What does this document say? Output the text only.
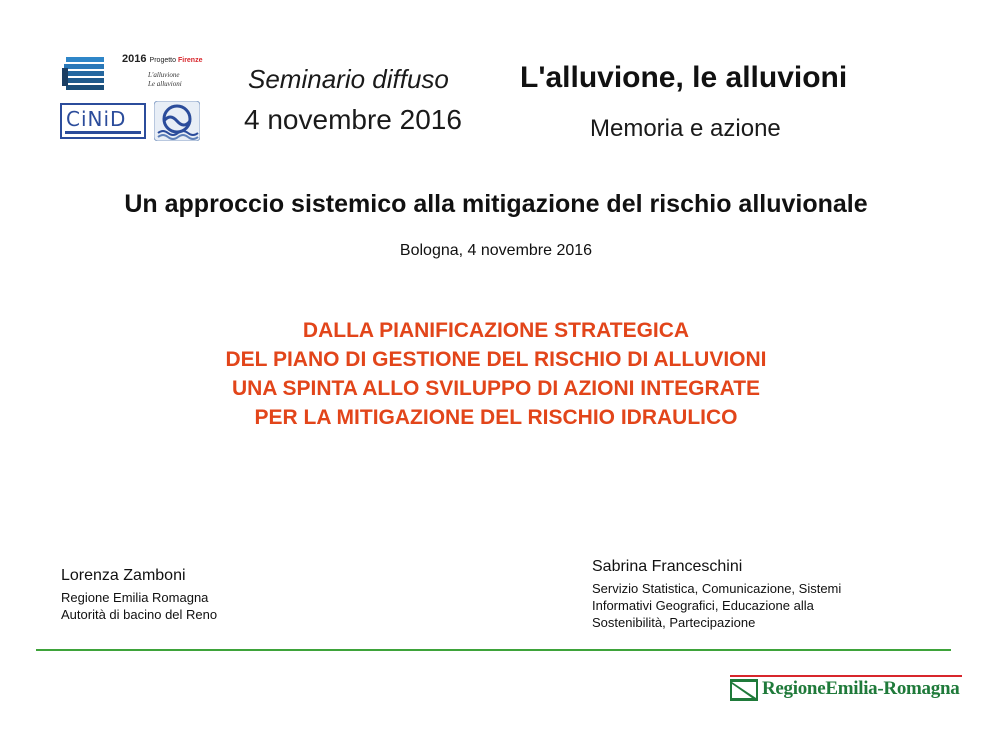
2016 Progetto Firenze
L'alluvione
Le alluvioni
CiNiD
Seminario diffuso
4 novembre 2016
L'alluvione, le alluvioni
Memoria e azione
Un approccio sistemico alla mitigazione del rischio alluvionale
Bologna, 4 novembre 2016
DALLA PIANIFICAZIONE STRATEGICA
DEL PIANO DI GESTIONE DEL RISCHIO DI ALLUVIONI
UNA SPINTA ALLO SVILUPPO DI AZIONI INTEGRATE
PER LA MITIGAZIONE DEL RISCHIO IDRAULICO
Lorenza Zamboni
Regione Emilia Romagna
Autorità di bacino del Reno
Sabrina Franceschini
Servizio Statistica, Comunicazione, Sistemi
Informativi Geografici, Educazione alla
Sostenibilità, Partecipazione
RegioneEmilia-Romagna
